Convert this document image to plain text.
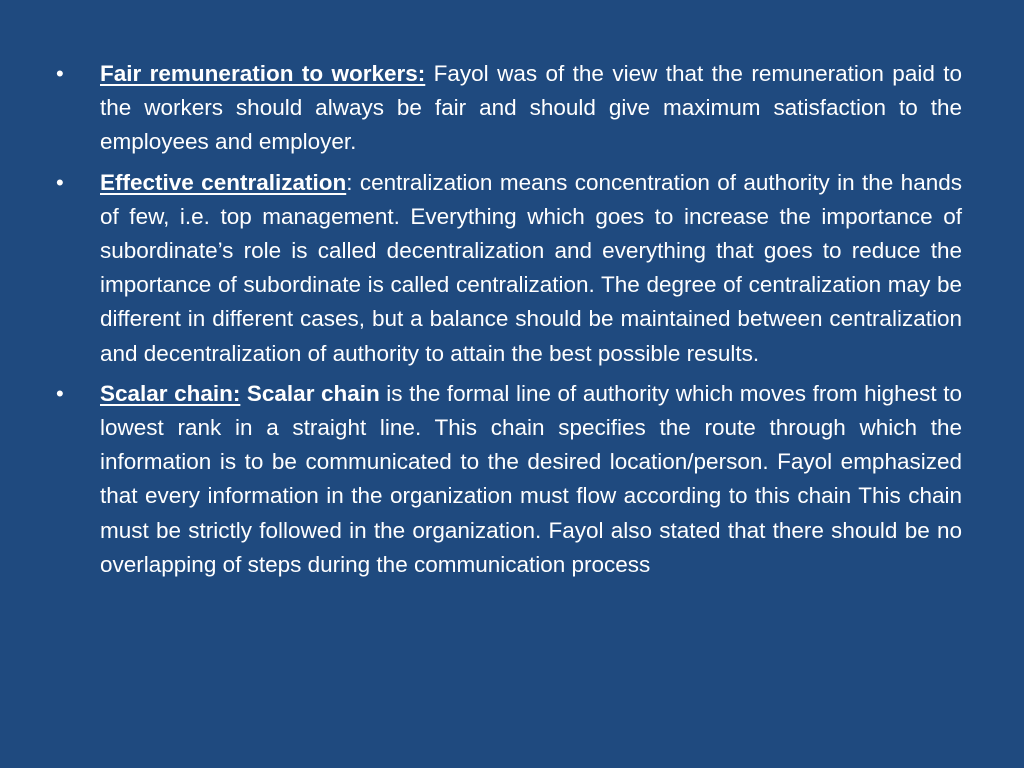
• Fair remuneration to workers: Fayol was of the view that the remuneration paid to the workers should always be fair and should give maximum satisfaction to the employees and employer.
• Effective centralization: centralization means concentration of authority in the hands of few, i.e. top management. Everything which goes to increase the importance of subordinate’s role is called decentralization and everything that goes to reduce the importance of subordinate is called centralization. The degree of centralization may be different in different cases, but a balance should be maintained between centralization and decentralization of authority to attain the best possible results.
• Scalar chain: Scalar chain is the formal line of authority which moves from highest to lowest rank in a straight line. This chain specifies the route through which the information is to be communicated to the desired location/person. Fayol emphasized that every information in the organization must flow according to this chain This chain must be strictly followed in the organization. Fayol also stated that there should be no overlapping of steps during the communication process
